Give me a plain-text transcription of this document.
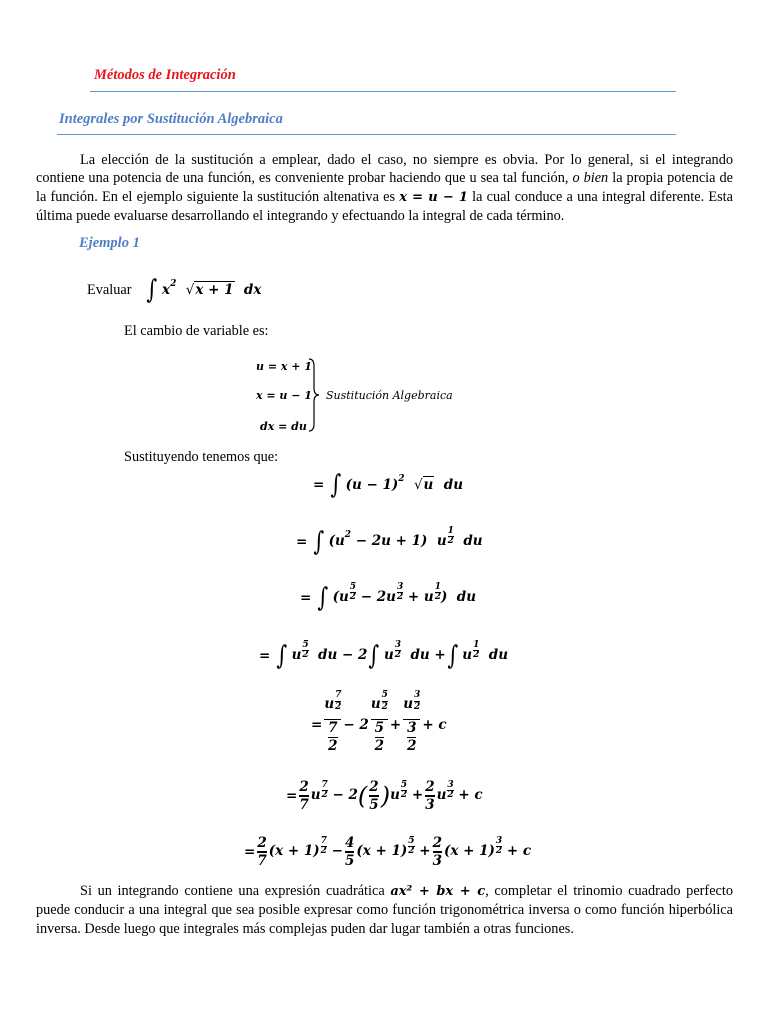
Métodos de Integración
Integrales por Sustitución Algebraica
La elección de la sustitución a emplear, dado el caso, no siempre es obvia. Por lo general, si el integrando contiene una potencia de una función, es conveniente probar haciendo que u sea tal función, o bien la propia potencia de la función. En el ejemplo siguiente la sustitución altenativa es x = u − 1 la cual conduce a una integral diferente. Esta última puede evaluarse desarrollando el integrando y efectuando la integral de cada término.
Ejemplo 1
Evaluar ∫ $x^2$ √x + 1  dx
El cambio de variable es:
u = x + 1
x = u − 1
dx = du
Sustitución Algebraica
Sustituyendo tenemos que:
= ∫ $(u - 1)^2$ √u  du
= ∫ $(u^2 - 2u + 1)$  u $\frac{1}{2}$ du
= ∫ ($u \frac{5}{2} - 2u \frac{3}{2} + u \frac{1}{2}$ )  du
= ∫ u $\frac{5}{2}$ du − 2 ∫ u $\frac{3}{2}$ du + ∫ u $\frac{1}{2}$ du
= $\frac{u \frac{7}{2}}{\frac{7}{2}} - 2 \frac{u \frac{5}{2}}{\frac{5}{2}} + \frac{u \frac{3}{2}}{\frac{3}{2}} + c$
= $\frac{2}{7}$ u $\frac{7}{2} - 2$ ( $\frac{2}{5}$ ) u $\frac{5}{2} + \frac{2}{3}$ u $\frac{3}{2} + c$
= $\frac{2}{7} (x + 1) \frac{7}{2} - \frac{4}{5} (x + 1) \frac{5}{2} + \frac{2}{3} (x + 1) \frac{3}{2} + c$
Si un integrando contiene una expresión cuadrática ax² + bx + c, completar el trinomio cuadrado perfecto puede conducir a una integral que sea posible expresar como función trigonométrica inversa o como función hiperbólica inversa. Desde luego que integrales más complejas puden dar lugar también a otras funciones.
